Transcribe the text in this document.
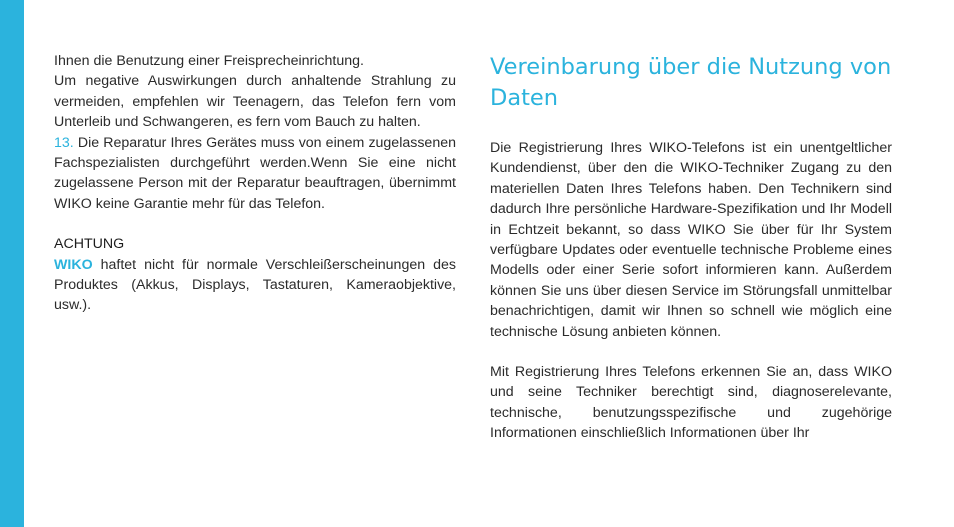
Ihnen die Benutzung einer Freisprecheinrichtung.

Um negative Auswirkungen durch anhaltende Strahlung zu vermeiden, empfehlen wir Teenagern, das Telefon fern vom Unterleib und Schwangeren, es fern vom Bauch zu halten.

13. Die Reparatur Ihres Gerätes muss von einem zugelassenen Fachspezialisten durchgeführt werden.Wenn Sie eine nicht zugelassene Person mit der Reparatur beauftragen, übernimmt WIKO keine Garantie mehr für das Telefon.

ACHTUNG

WIKO haftet nicht für normale Verschleißerscheinungen des Produktes (Akkus, Displays, Tastaturen, Kameraobjektive, usw.).

Vereinbarung über die Nutzung von Daten

Die Registrierung Ihres WIKO-Telefons ist ein unentgeltlicher Kundendienst, über den die WIKO-Techniker Zugang zu den materiellen Daten Ihres Telefons haben. Den Technikern sind dadurch Ihre persönliche Hardware-Spezifikation und Ihr Modell in Echtzeit bekannt, so dass WIKO Sie über für Ihr System verfügbare Updates oder eventuelle technische Probleme eines Modells oder einer Serie sofort informieren kann. Außerdem können Sie uns über diesen Service im Störungsfall unmittelbar benachrichtigen, damit wir Ihnen so schnell wie möglich eine technische Lösung anbieten können.

Mit Registrierung Ihres Telefons erkennen Sie an, dass WIKO und seine Techniker berechtigt sind, diagnoserelevante, technische, benutzungsspezifische und zugehörige Informationen einschließlich Informationen über Ihr
